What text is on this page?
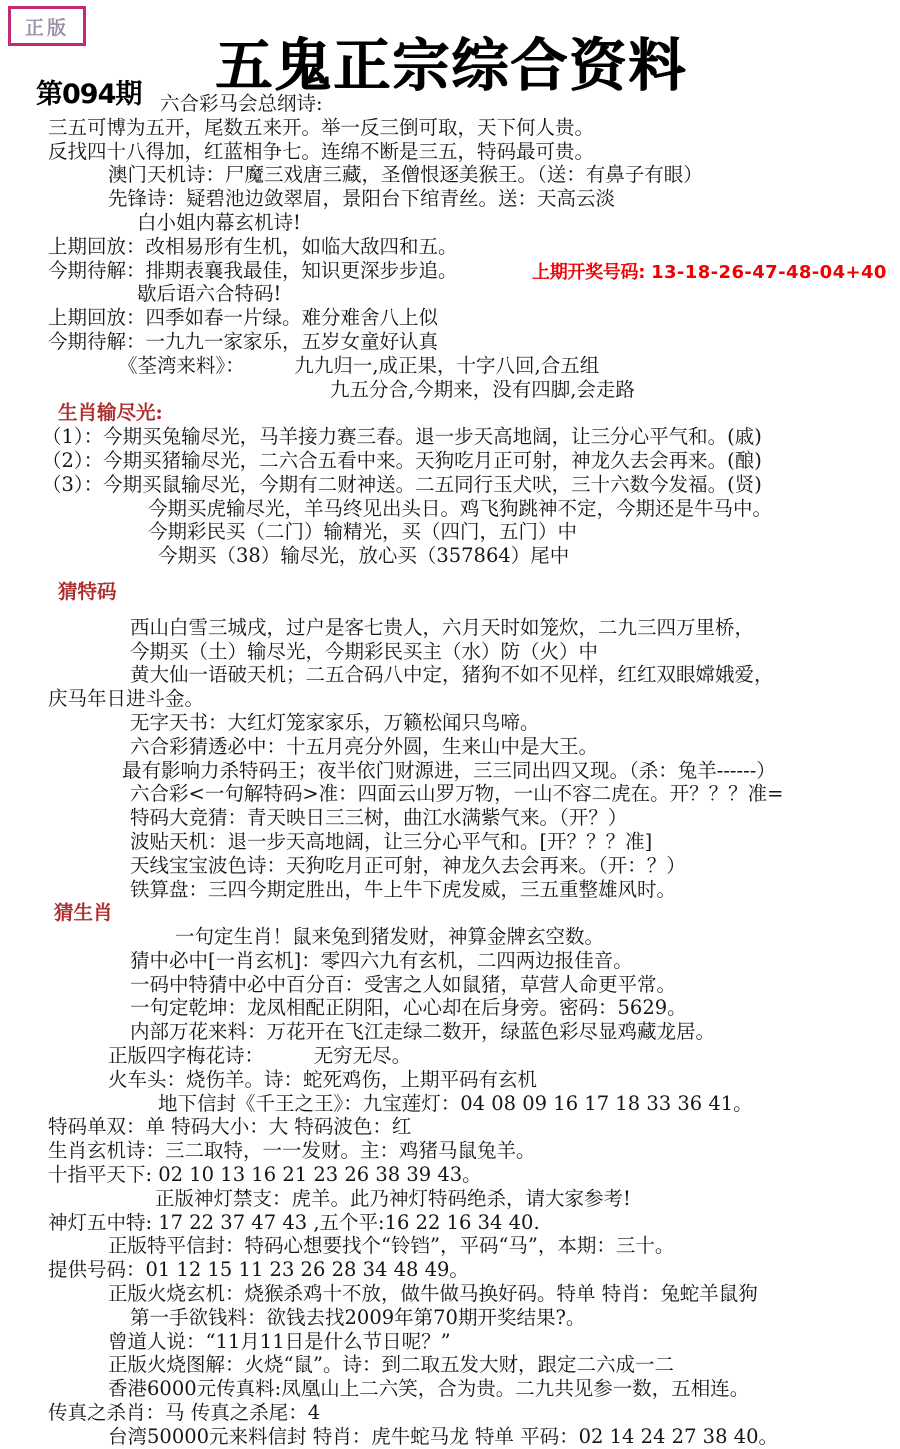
正版
第094期 五鬼正宗综合资料
上期开奖号码: 13-18-26-47-48-04+40
六合彩马会总纲诗:
三五可博为五开，尾数五来开。举一反三倒可取，天下何人贵。
反找四十八得加，红蓝相争七。连绵不断是三五，特码最可贵。
澳门天机诗：尸魔三戏唐三藏，圣僧恨逐美猴王。（送：有鼻子有眼）
先锋诗：疑碧池边敛翠眉，景阳台下绾青丝。送：天高云淡
白小姐内幕玄机诗!
上期回放：改相易形有生机，如临大敌四和五。
今期待解：排期表襄我最佳，知识更深步步追。
歇后语六合特码!
上期回放：四季如春一片绿。难分难舍八上似
今期待解：一九九一家家乐，五岁女童好认真
《荃湾来料》：        九九归一,成正果，十字八回,合五组
九五分合,今期来，没有四脚,会走路
生肖输尽光:
（1）：今期买兔输尽光，马羊接力赛三春。退一步天高地阔，让三分心平气和。(戚)
（2）：今期买猪输尽光，二六合五看中来。天狗吃月正可射，神龙久去会再来。(酿)
（3）：今期买鼠输尽光，今期有二财神送。二五同行玉犬吠，三十六数今发福。(贤)
今期买虎输尽光，羊马终见出头日。鸡飞狗跳神不定，今期还是牛马中。
今期彩民买（二门）输精光，买（四门，五门）中
今期买（38）输尽光，放心买（357864）尾中
猜特码
西山白雪三城戌，过户是客七贵人，六月天时如笼炊，二九三四万里桥，
今期买（土）输尽光，今期彩民买主（水）防（火）中
黄大仙一语破天机；二五合码八中定，猪狗不如不见样，红红双眼嫦娥爱，
庆马年日进斗金。
无字天书：大红灯笼家家乐，万籁松闻只鸟啼。
六合彩猜透必中：十五月亮分外圆，生来山中是大王。
最有影响力杀特码王；夜半依门财源进，三三同出四又现。（杀：兔羊------）
六合彩<一句解特码>准：四面云山罗万物，一山不容二虎在。开？？？准=
特码大竞猜：青天映日三三树，曲江水满紫气来。（开？）
波贴天机：退一步天高地阔，让三分心平气和。[开？？？准]
天线宝宝波色诗：天狗吃月正可射，神龙久去会再来。（开：？）
铁算盘：三四今期定胜出，牛上牛下虎发威，三五重整雄风时。
猜生肖
一句定生肖！鼠来兔到猪发财，神算金牌玄空数。
猜中必中[一肖玄机]：零四六九有玄机，二四两边报佳音。
一码中特猜中必中百分百：受害之人如鼠猪，草营人命更平常。
一句定乾坤：龙凤相配正阴阳，心心却在后身旁。密码：5629。
内部万花来料：万花开在飞江走绿二数开，绿蓝色彩尽显鸡藏龙居。
正版四字梅花诗：        无穷无尽。
火车头：烧伤羊。诗：蛇死鸡伤，上期平码有玄机
地下信封《千王之王》：九宝莲灯：04 08 09 16 17 18 33 36 41。
特码单双：单 特码大小：大 特码波色：红
生肖玄机诗：三二取特，一一发财。主：鸡猪马鼠兔羊。
十指平天下: 02 10 13 16 21 23 26 38 39 43。
正版神灯禁支：虎羊。此乃神灯特码绝杀，请大家参考!
神灯五中特: 17 22 37 47 43 ,五个平:16 22 16 34 40.
正版特平信封：特码心想要找个“铃铛”，平码“马”，本期：三十。
提供号码：01 12 15 11 23 26 28 34 48 49。
正版火烧玄机：烧猴杀鸡十不放，做牛做马换好码。特单 特肖：兔蛇羊鼠狗
第一手欲钱料：欲钱去找2009年第70期开奖结果?。
曾道人说：“11月11日是什么节日呢？”
正版火烧图解：火烧“鼠”。诗：到二取五发大财，跟定二六成一二
香港6000元传真料:凤凰山上二六笑，合为贵。二九共见参一数，五相连。
传真之杀肖：马 传真之杀尾：4
台湾50000元来料信封 特肖：虎牛蛇马龙 特单 平码：02 14 24 27 38 40。
